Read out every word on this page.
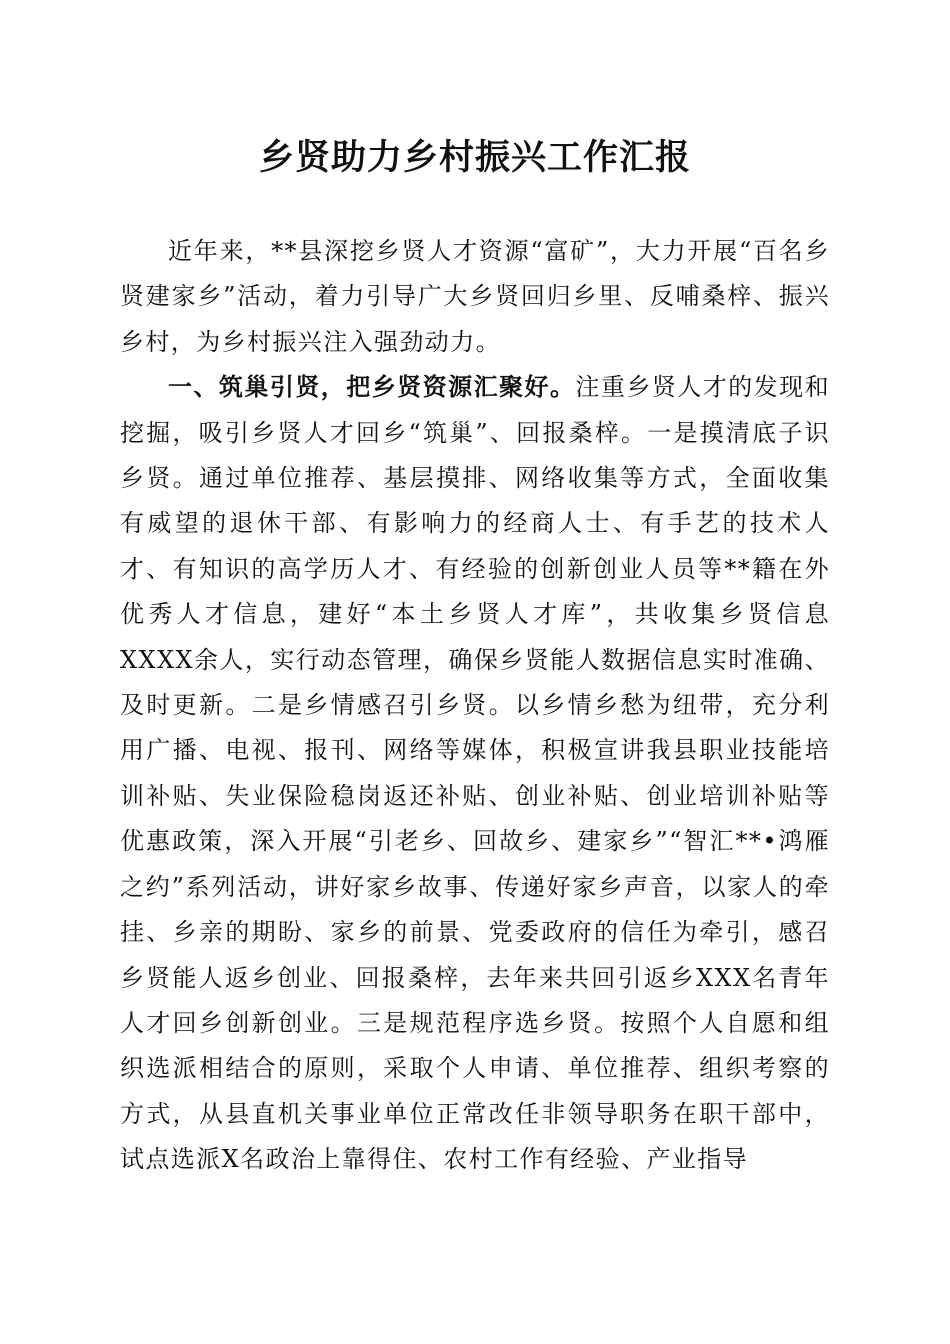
乡贤助力乡村振兴工作汇报

近年来，**县深挖乡贤人才资源“富矿”，大力开展“百名乡贤建家乡”活动，着力引导广大乡贤回归乡里、反哺桑梓、振兴乡村，为乡村振兴注入强劲动力。

一、筑巢引贤，把乡贤资源汇聚好。注重乡贤人才的发现和挖掘，吸引乡贤人才回乡“筑巢”、回报桑梓。一是摸清底子识乡贤。通过单位推荐、基层摸排、网络收集等方式，全面收集有威望的退休干部、有影响力的经商人士、有手艺的技术人才、有知识的高学历人才、有经验的创新创业人员等**籍在外优秀人才信息，建好“本土乡贤人才库”，共收集乡贤信息XXXX余人，实行动态管理，确保乡贤能人数据信息实时准确、及时更新。二是乡情感召引乡贤。以乡情乡愁为纽带，充分利用广播、电视、报刊、网络等媒体，积极宣讲我县职业技能培训补贴、失业保险稳岗返还补贴、创业补贴、创业培训补贴等优惠政策，深入开展“引老乡、回故乡、建家乡”“智汇**•鸿雁之约”系列活动，讲好家乡故事、传递好家乡声音，以家人的牵挂、乡亲的期盼、家乡的前景、党委政府的信任为牵引，感召乡贤能人返乡创业、回报桑梓，去年来共回引返乡XXX名青年人才回乡创新创业。三是规范程序选乡贤。按照个人自愿和组织选派相结合的原则，采取个人申请、单位推荐、组织考察的方式，从县直机关事业单位正常改任非领导职务在职干部中，试点选派X名政治上靠得住、农村工作有经验、产业指导
